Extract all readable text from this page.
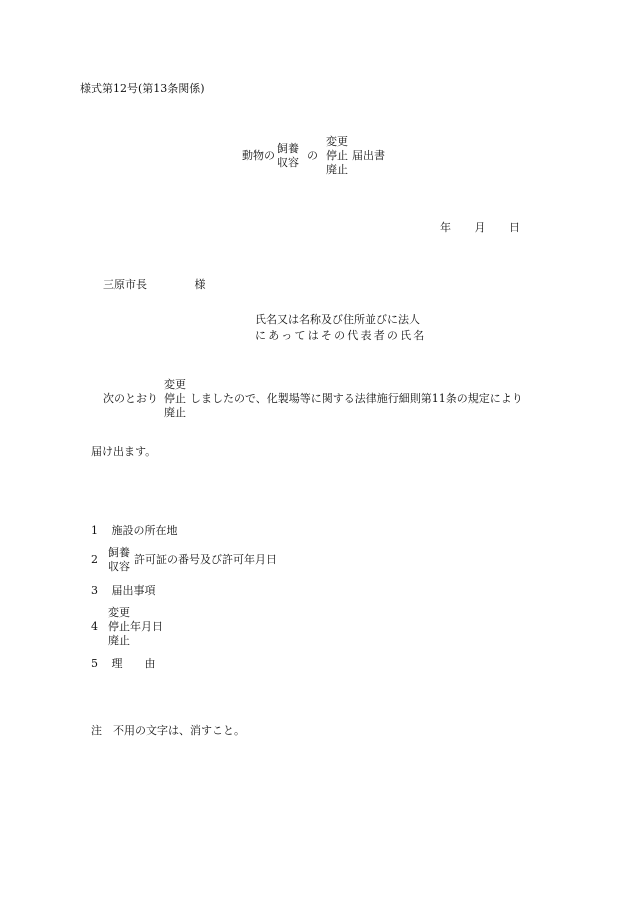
様式第12号(第13条関係)
動物の
飼養
収容
の
変更
停止
廃止
届出書
年 月 日
三原市長	様
氏名又は名称及び住所並びに法人
にあってはその代表者の氏名
次のとおり
変更
停止
廃止
しましたので、化製場等に関する法律施行細則第11条の規定により
届け出ます。
1 施設の所在地
2
飼養
収容
許可証の番号及び許可年月日
3 届出事項
4
変更
停止年月日
廃止
5 理　　由
注　不用の文字は、消すこと。
